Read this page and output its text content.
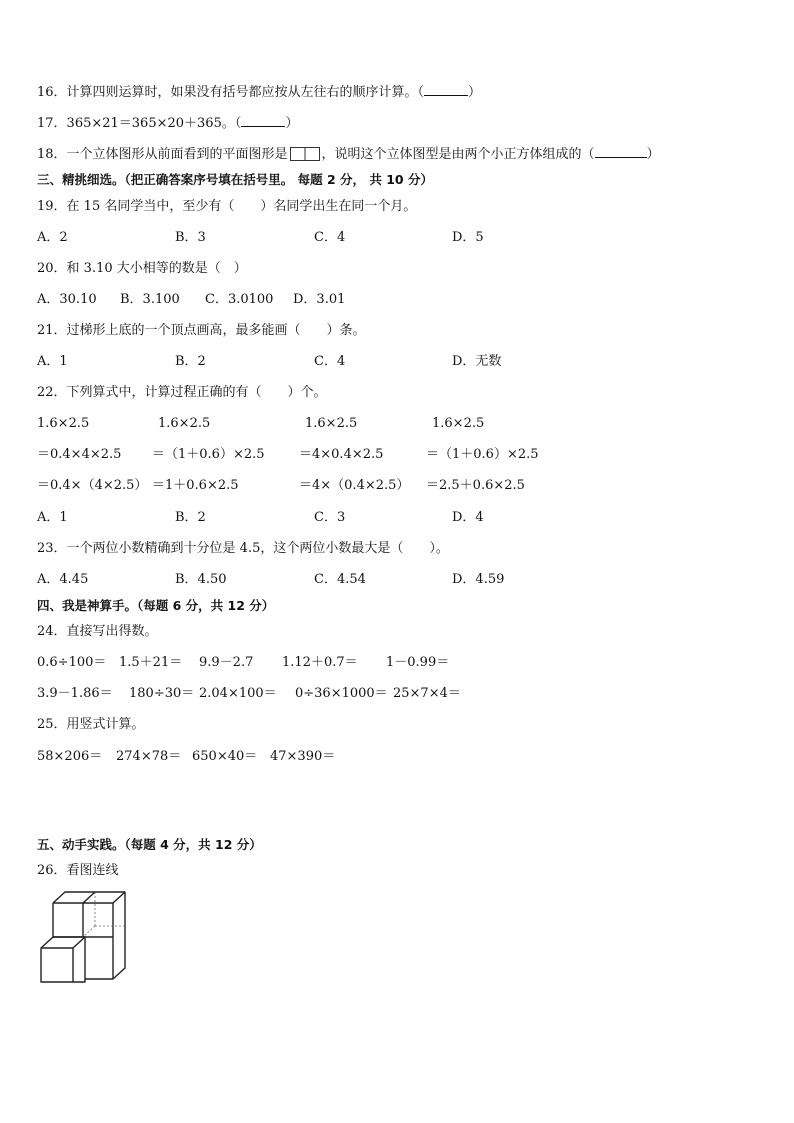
16．计算四则运算时，如果没有括号都应按从左往右的顺序计算。（	）
17．365×21＝365×20＋365。（	）
18．一个立体图形从前面看到的平面图形是	，说明这个立体图型是由两个小正方体组成的（	）
三、精挑细选。（把正确答案序号填在括号里。 每题 2 分， 共 10 分）
19．在 15 名同学当中，至少有（　　）名同学出生在同一个月。
A．2	B．3	C．4	D．5
20．和 3.10 大小相等的数是（　）
A．30.10 B．3.100 C．3.0100 D．3.01
21．过梯形上底的一个顶点画高，最多能画（　　）条。
A．1	B．2	C．4	D．无数
22．下列算式中，计算过程正确的有（　　）个。
1.6×2.5	1.6×2.5	1.6×2.5	1.6×2.5
＝0.4×4×2.5 ＝（1＋0.6）×2.5	＝4×0.4×2.5	＝（1＋0.6）×2.5
＝0.4×（4×2.5） ＝1＋0.6×2.5	＝4×（0.4×2.5） ＝2.5＋0.6×2.5
A．1	B．2	C．3	D．4
23．一个两位小数精确到十分位是 4.5，这个两位小数最大是（　　）。
A．4.45	B．4.50	C．4.54	D．4.59
四、我是神算手。（每题 6 分，共 12 分）
24．直接写出得数。
0.6÷100＝ 1.5＋21＝ 9.9－2.7 1.12＋0.7＝ 1－0.99＝
3.9－1.86＝ 180÷30＝ 2.04×100＝ 0÷36×1000＝ 25×7×4＝
25．用竖式计算。
58×206＝ 274×78＝ 650×40＝ 47×390＝
五、动手实践。（每题 4 分，共 12 分）
26．看图连线
